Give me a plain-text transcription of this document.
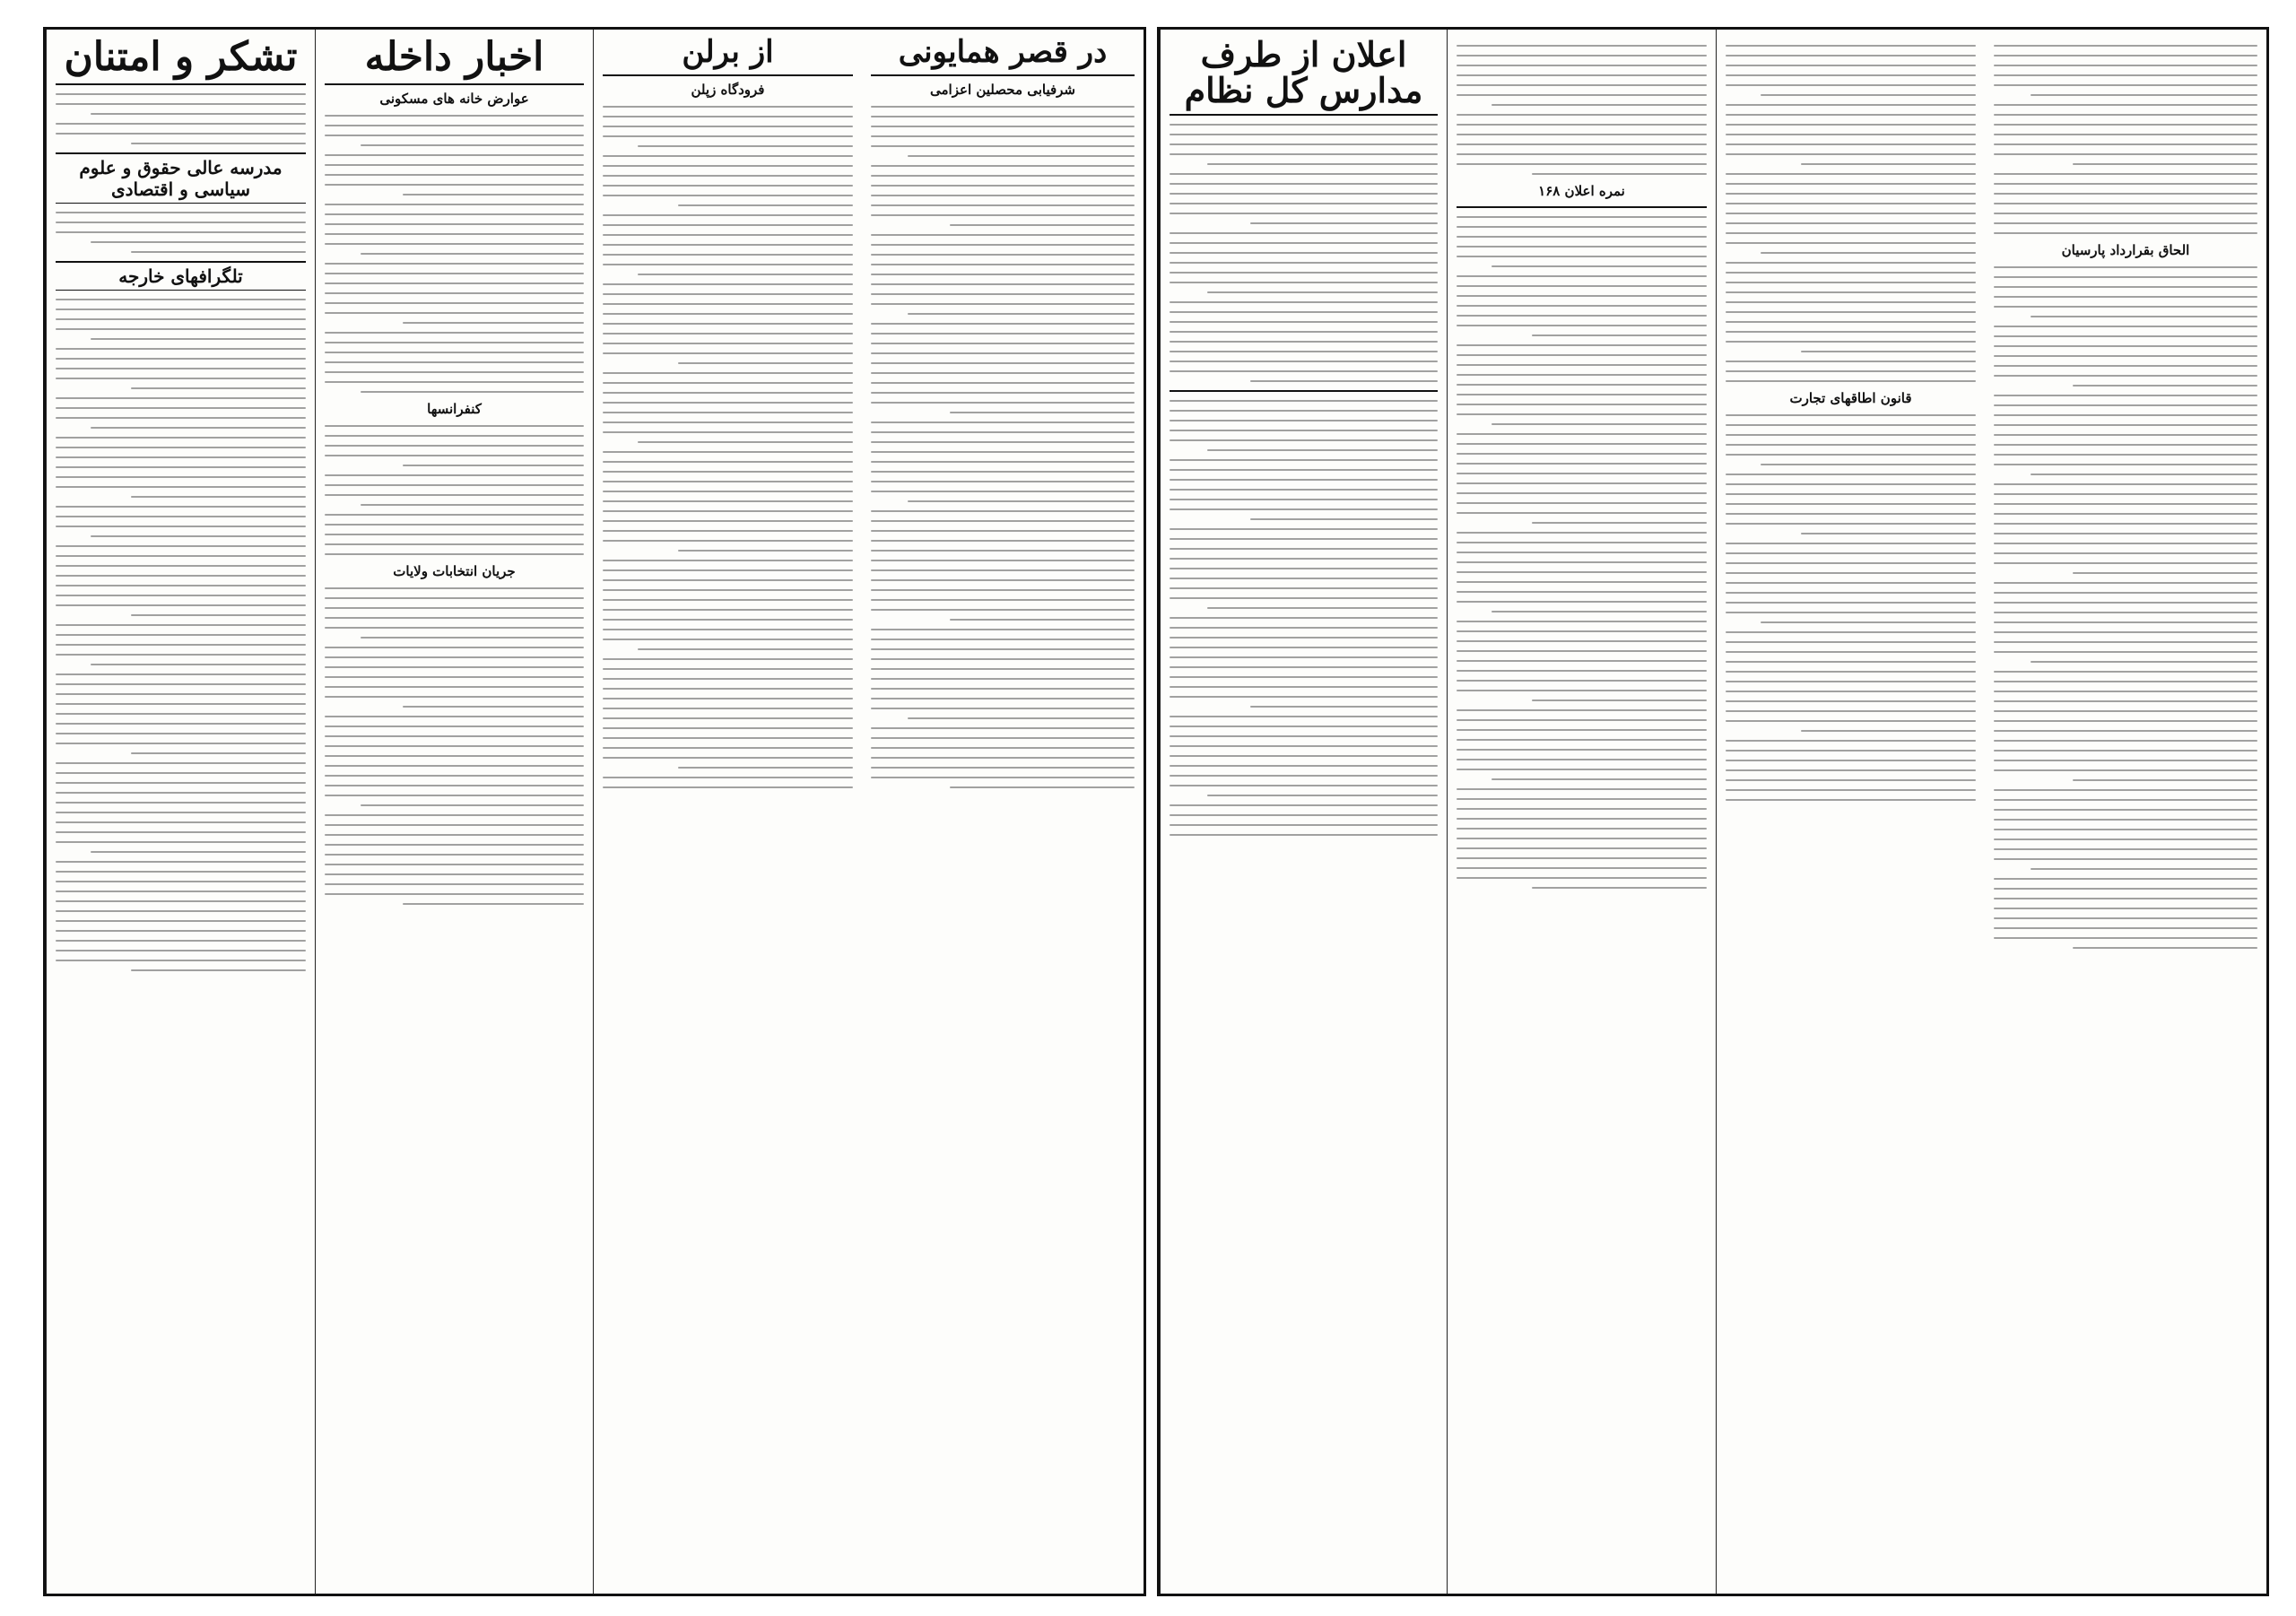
تشکر و امتنان
مدرسه عالی حقوق و علوم سیاسی و اقتصادی
تلگرافهای خارجه
اخبار داخله
عوارض خانه های مسکونی
کنفرانسها
جریان انتخابات ولایات
از برلن
فرودگاه زپلن
در قصر همایونی
شرفیابی محصلین اعزامی
اعلان از طرف مدارس کل نظام
نمره اعلان ۱۶۸
قانون اطاقهای تجارت
الحاق بقرارداد پارسیان
